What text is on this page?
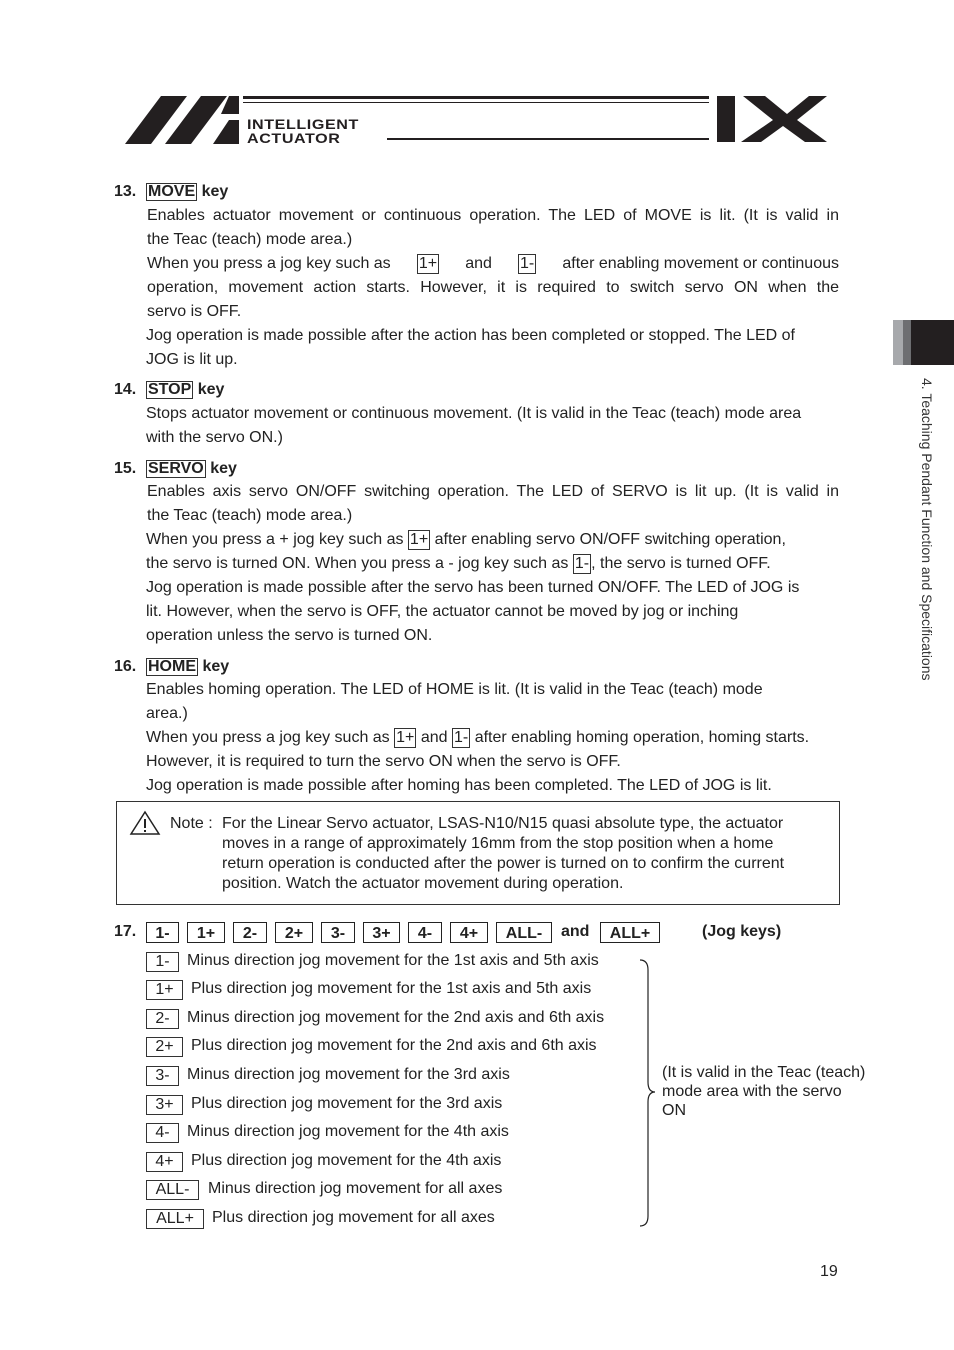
INTELLIGENT
ACTUATOR
4. Teaching Pendant Function and Specifications
13. MOVE key
Enables actuator movement or continuous operation. The LED of MOVE is lit. (It is valid in
the Teac (teach) mode area.)
When you press a jog key such as 1+ and 1- after enabling movement or continuous
operation, movement action starts. However, it is required to switch servo ON when the
servo is OFF.
Jog operation is made possible after the action has been completed or stopped. The LED of
JOG is lit up.
14. STOP key
Stops actuator movement or continuous movement. (It is valid in the Teac (teach) mode area
with the servo ON.)
15. SERVO key
Enables axis servo ON/OFF switching operation. The LED of SERVO is lit up. (It is valid in
the Teac (teach) mode area.)
When you press a + jog key such as 1+ after enabling servo ON/OFF switching operation,
the servo is turned ON. When you press a - jog key such as 1- , the servo is turned OFF.
Jog operation is made possible after the servo has been turned ON/OFF. The LED of JOG is
lit. However, when the servo is OFF, the actuator cannot be moved by jog or inching
operation unless the servo is turned ON.
16. HOME key
Enables homing operation. The LED of HOME is lit. (It is valid in the Teac (teach) mode
area.)
When you press a jog key such as 1+ and 1- after enabling homing operation, homing starts.
However, it is required to turn the servo ON when the servo is OFF.
Jog operation is made possible after homing has been completed. The LED of JOG is lit.
Note : For the Linear Servo actuator, LSAS-N10/N15 quasi absolute type, the actuator
moves in a range of approximately 16mm from the stop position when a home
return operation is conducted after the power is turned on to confirm the current
position. Watch the actuator movement during operation.
17.	1-	1+	2-	2+	3-	3+	4-	4+	ALL-	and	ALL+	(Jog keys)
1-	Minus direction jog movement for the 1st axis and 5th axis
1+	Plus direction jog movement for the 1st axis and 5th axis
2-	Minus direction jog movement for the 2nd axis and 6th axis
2+	Plus direction jog movement for the 2nd axis and 6th axis
3-	Minus direction jog movement for the 3rd axis
3+	Plus direction jog movement for the 3rd axis
4-	Minus direction jog movement for the 4th axis
4+	Plus direction jog movement for the 4th axis
ALL-	Minus direction jog movement for all axes
ALL+	Plus direction jog movement for all axes
(It is valid in the Teac (teach)
mode area with the servo
ON
19
